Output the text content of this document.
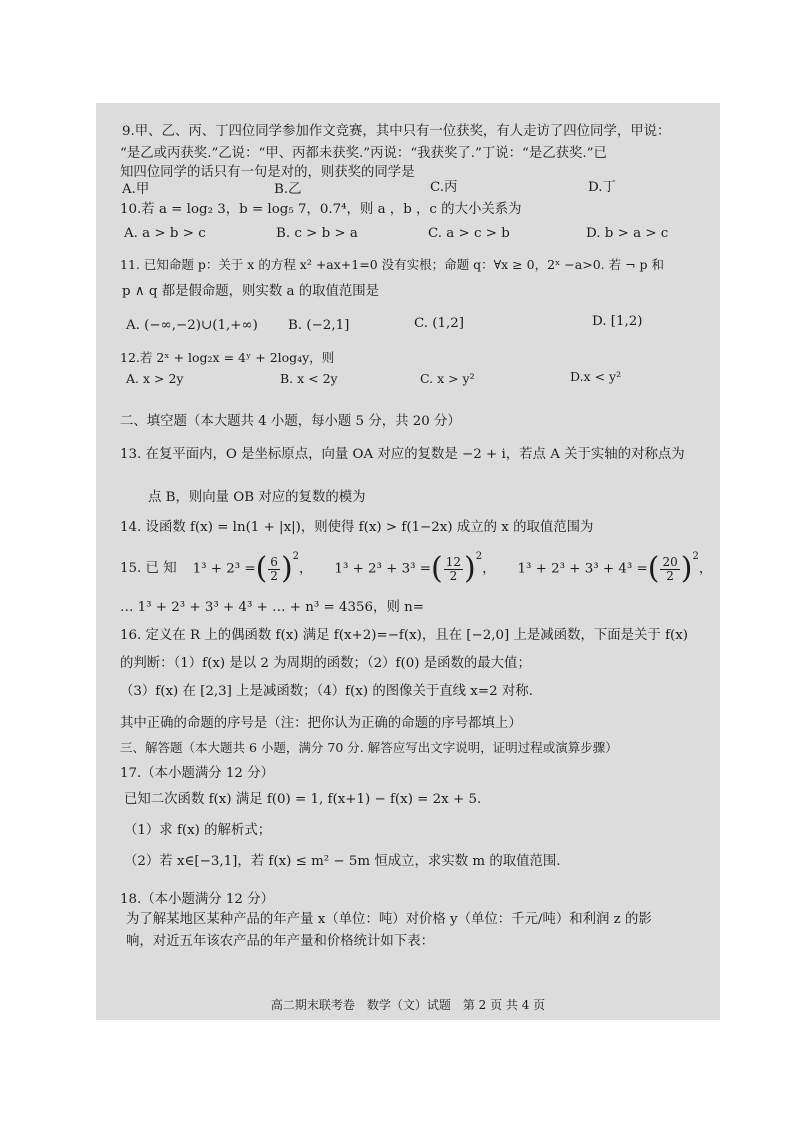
9.甲、乙、丙、丁四位同学参加作文竞赛，其中只有一位获奖，有人走访了四位同学，甲说：
“是乙或丙获奖.”乙说：“甲、丙都未获奖.”丙说：“我获奖了.”丁说：“是乙获奖.”已
知四位同学的话只有一句是对的，则获奖的同学是
A.甲	B.乙	C.丙	D.丁
10.若 a = log₂ 3，b = log₅ 7，0.7⁴，则 a ，b ，c 的大小关系为
A. a > b > c	B. c > b > a	C. a > c > b	D. b > a > c
11. 已知命题 p：关于 x 的方程 x² +ax+1=0 没有实根；命题 q：∀x ≥ 0，2ˣ −a>0. 若 ¬ p 和
p ∧ q 都是假命题，则实数 a 的取值范围是
A. (−∞,−2)∪(1,+∞) B. (−2,1]	C. (1,2]	D. [1,2)
12.若 2ˣ + log₂x = 4ʸ + 2log₄y，则
A. x > 2y	B. x < 2y	C. x > y²	D.x < y²
二、填空题（本大题共 4 小题，每小题 5 分，共 20 分）
13. 在复平面内，O 是坐标原点，向量 OA 对应的复数是 −2 + i，若点 A 关于实轴的对称点为
点 B，则向量 OB 对应的复数的模为
14. 设函数 f(x) = ln(1 + |x|)，则使得 f(x) > f(1−2x) 成立的 x 的取值范围为
15. 已 知 1³ + 2³ =( $\frac{6}{2} )^2$， 1³ + 2³ + 3³ =( $\frac{12}{2} )^2$， 1³ + 2³ + 3³ + 4³ =( $\frac{20}{2} )^2$，
… 1³ + 2³ + 3³ + 4³ + … + n³ = 4356，则 n=
16. 定义在 R 上的偶函数 f(x) 满足 f(x+2)=−f(x)，且在 [−2,0] 上是减函数，下面是关于 f(x)
的判断：（1）f(x) 是以 2 为周期的函数；（2）f(0) 是函数的最大值；
（3）f(x) 在 [2,3] 上是减函数；（4）f(x) 的图像关于直线 x=2 对称.
其中正确的命题的序号是（注：把你认为正确的命题的序号都填上）
三、解答题（本大题共 6 小题，满分 70 分. 解答应写出文字说明，证明过程或演算步骤）
17.（本小题满分 12 分）
已知二次函数 f(x) 满足 f(0) = 1, f(x+1) − f(x) = 2x + 5.
（1）求 f(x) 的解析式；
（2）若 x∈[−3,1]，若 f(x) ≤ m² − 5m 恒成立，求实数 m 的取值范围.
18.（本小题满分 12 分）
为了解某地区某种产品的年产量 x（单位：吨）对价格 y（单位：千元/吨）和利润 z 的影
响，对近五年该农产品的年产量和价格统计如下表：
高二期末联考卷　数学（文）试题　第 2 页 共 4 页
